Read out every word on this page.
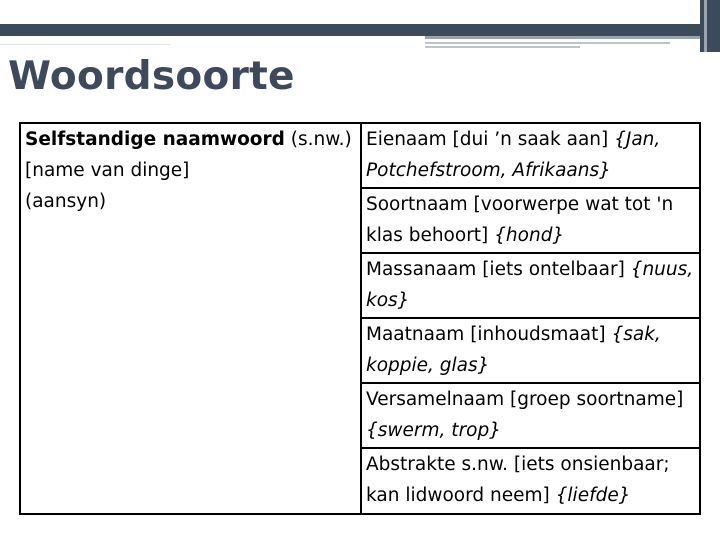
Woordsoorte
Selfstandige naamwoord (s.nw.)
[name van dinge]
(aansyn)
	Eienaam [dui ’n saak aan] {Jan, Potchefstroom, Afrikaans}
Soortnaam [voorwerpe wat tot 'n klas behoort] {hond}
Massanaam [iets ontelbaar] {nuus, kos}
Maatnaam [inhoudsmaat] {sak, koppie, glas}
Versamelnaam [groep soortname] {swerm, trop}
Abstrakte s.nw. [iets onsienbaar; kan lidwoord neem] {liefde}
